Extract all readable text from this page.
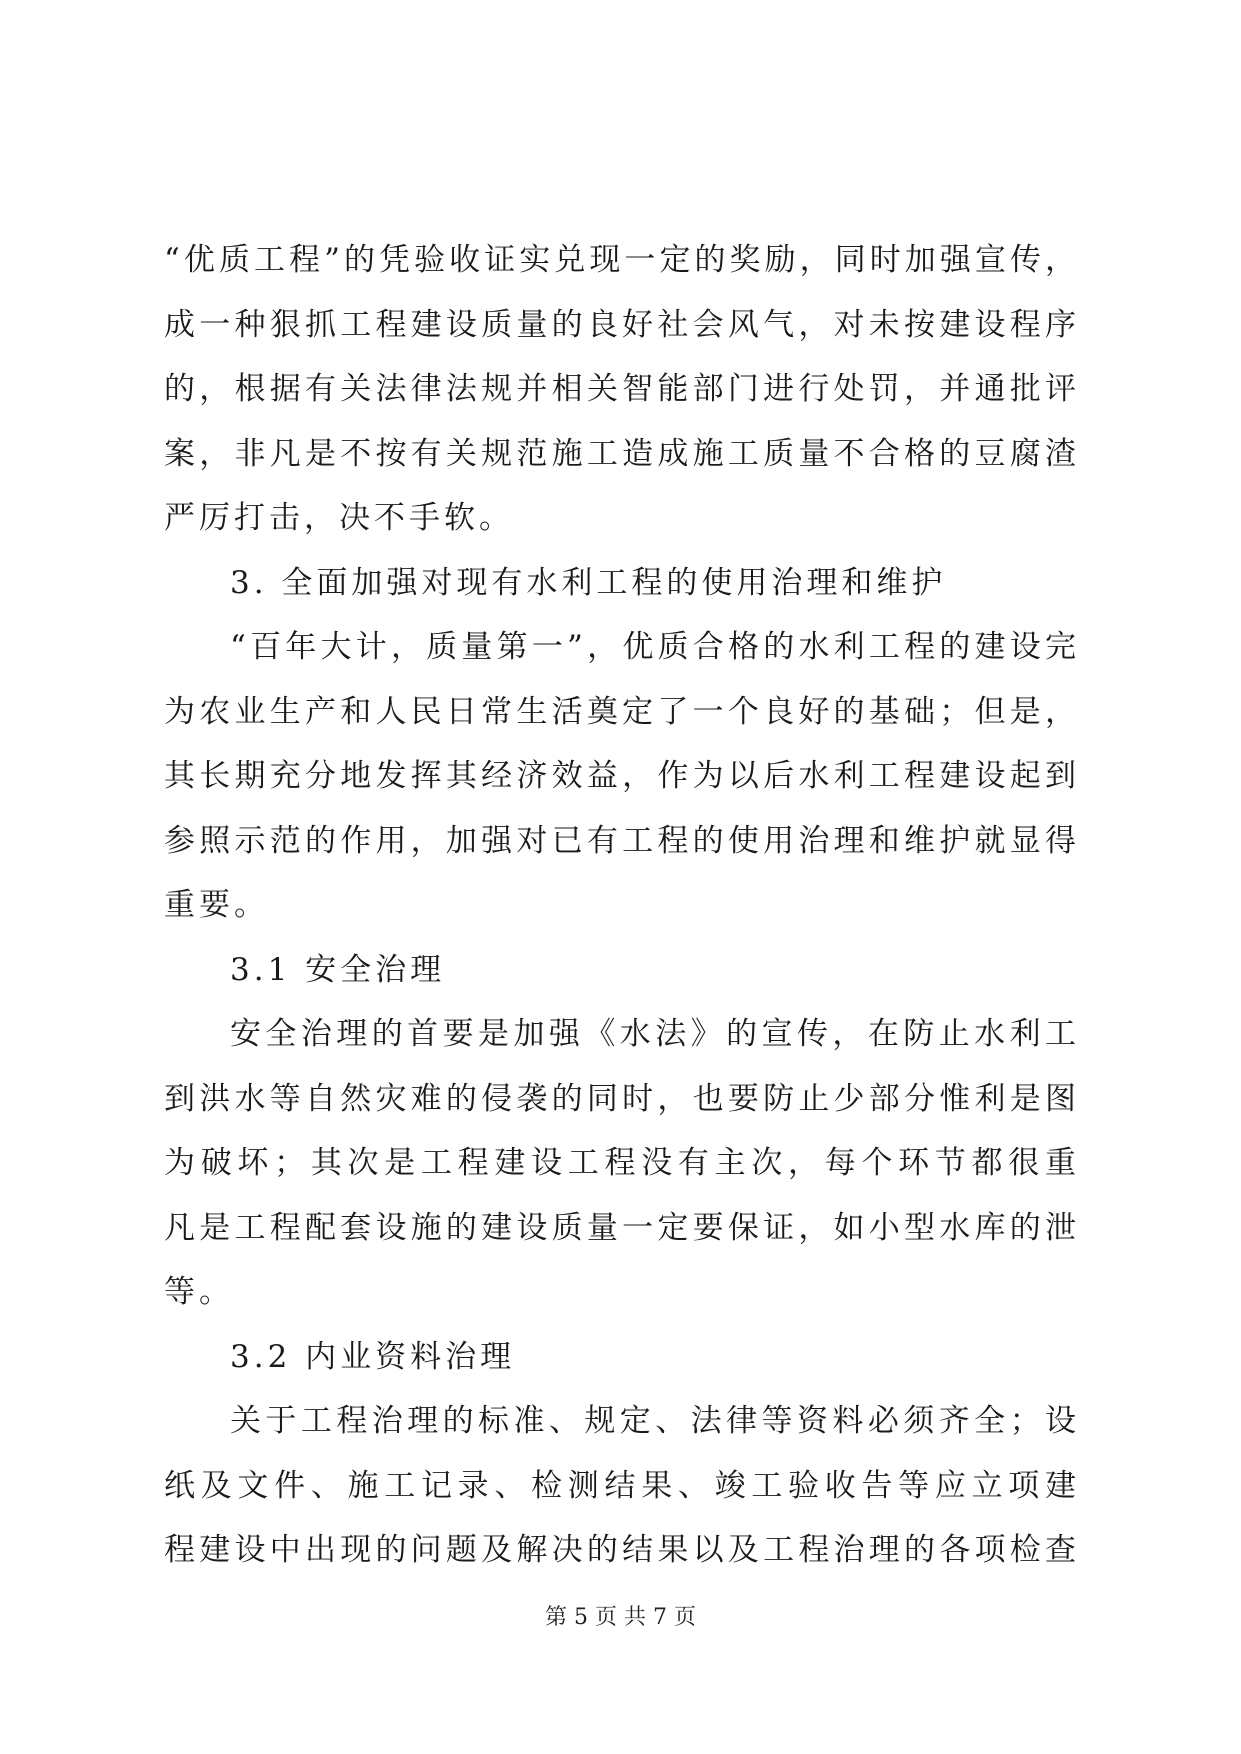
“优质工程”的凭验收证实兑现一定的奖励，同时加强宣传，
成一种狠抓工程建设质量的良好社会风气，对未按建设程序
的，根据有关法律法规并相关智能部门进行处罚，并通批评
案，非凡是不按有关规范施工造成施工质量不合格的豆腐渣
严厉打击，决不手软。
3. 全面加强对现有水利工程的使用治理和维护
“百年大计，质量第一”，优质合格的水利工程的建设完
为农业生产和人民日常生活奠定了一个良好的基础；但是，
其长期充分地发挥其经济效益，作为以后水利工程建设起到
参照示范的作用，加强对已有工程的使用治理和维护就显得
重要。
3.1 安全治理
安全治理的首要是加强《水法》的宣传，在防止水利工
到洪水等自然灾难的侵袭的同时，也要防止少部分惟利是图
为破坏；其次是工程建设工程没有主次，每个环节都很重
凡是工程配套设施的建设质量一定要保证，如小型水库的泄
等。
3.2 内业资料治理
关于工程治理的标准、规定、法律等资料必须齐全；设
纸及文件、施工记录、检测结果、竣工验收告等应立项建
程建设中出现的问题及解决的结果以及工程治理的各项检查
第 5 页 共 7 页
